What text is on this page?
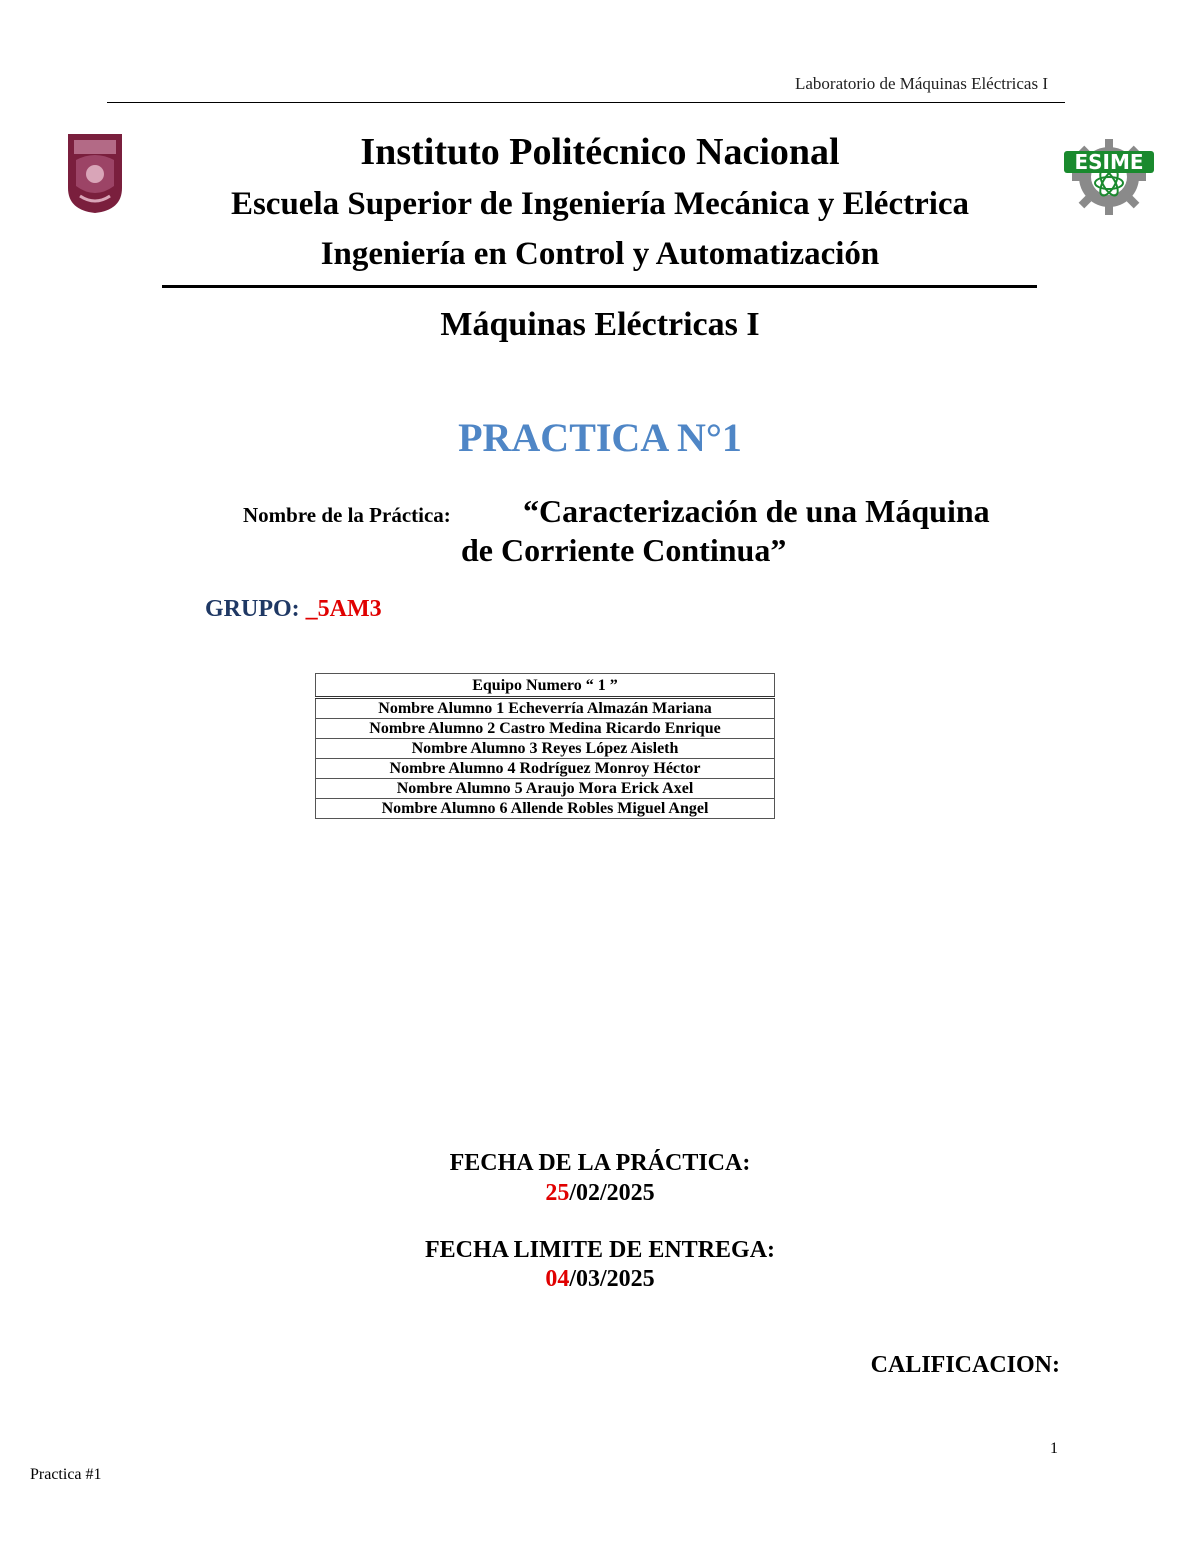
Laboratorio de Máquinas Eléctricas I
ESIME
Instituto Politécnico Nacional
Escuela Superior de Ingeniería Mecánica y Eléctrica
Ingeniería en Control y Automatización
Máquinas Eléctricas I
PRACTICA N°1
Nombre de la Práctica: “Caracterización de una Máquina
de Corriente Continua”
GRUPO: _5AM3
Equipo Numero “ 1 ”
Nombre Alumno 1 Echeverría Almazán Mariana
Nombre Alumno 2 Castro Medina Ricardo Enrique
Nombre Alumno 3 Reyes López Aisleth
Nombre Alumno 4 Rodríguez Monroy Héctor
Nombre Alumno 5 Araujo Mora Erick Axel
Nombre Alumno 6 Allende Robles Miguel Angel
FECHA DE LA PRÁCTICA:
25/02/2025
FECHA LIMITE DE ENTREGA:
04/03/2025
CALIFICACION:
1
Practica #1
